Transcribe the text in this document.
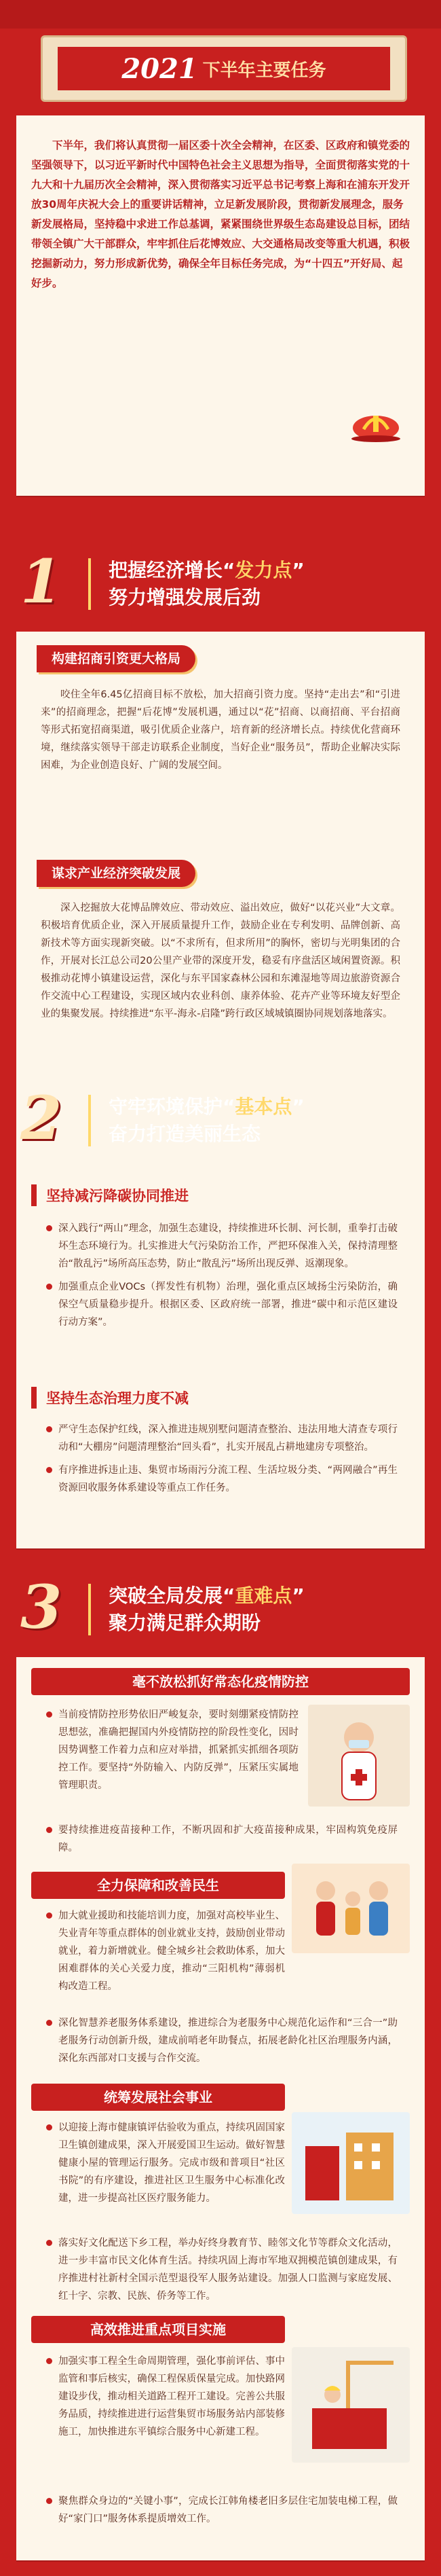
2021 下半年主要任务
下半年，我们将认真贯彻一届区委十次全会精神，在区委、区政府和镇党委的坚强领导下，以习近平新时代中国特色社会主义思想为指导，全面贯彻落实党的十九大和十九届历次全会精神，深入贯彻落实习近平总书记考察上海和在浦东开发开放30周年庆祝大会上的重要讲话精神，立足新发展阶段，贯彻新发展理念，服务新发展格局，坚持稳中求进工作总基调，紧紧围绕世界级生态岛建设总目标，团结带领全镇广大干部群众，牢牢抓住后花博效应、大交通格局改变等重大机遇，积极挖掘新动力，努力形成新优势，确保全年目标任务完成，为“十四五”开好局、起好步。
1	把握经济增长“发力点”
努力增强发展后劲
构建招商引资更大格局
咬住全年6.45亿招商目标不放松，加大招商引资力度。坚持“走出去”和“引进来”的招商理念，把握“后花博”发展机遇，通过以“花”招商、以商招商、平台招商等形式拓宽招商渠道，吸引优质企业落户，培育新的经济增长点。持续优化营商环境，继续落实领导干部走访联系企业制度，当好企业“服务员”，帮助企业解决实际困难，为企业创造良好、广阔的发展空间。
谋求产业经济突破发展
深入挖掘放大花博品牌效应、带动效应、溢出效应，做好“以花兴业”大文章。积极培育优质企业，深入开展质量提升工作，鼓励企业在专利发明、品牌创新、高新技术等方面实现新突破。以“不求所有，但求所用”的胸怀，密切与光明集团的合作，开展对长江总公司20公里产业带的深度开发，稳妥有序盘活区域闲置资源。积极推动花博小镇建设运营，深化与东平国家森林公园和东滩湿地等周边旅游资源合作交流中心工程建设，实现区域内农业科创、康养体验、花卉产业等环境友好型企业的集聚发展。持续推进“东平-海永-启隆”跨行政区域城镇圈协同规划落地落实。
2	守牢环境保护“基本点”
奋力打造美丽生态
坚持减污降碳协同推进

深入践行“两山”理念，加强生态建设，持续推进环长制、河长制，重拳打击破坏生态环境行为。扎实推进大气污染防治工作，严把环保准入关，保持清理整治“散乱污”场所高压态势，防止“散乱污”场所出现反弹、返潮现象。

加强重点企业VOCs（挥发性有机物）治理，强化重点区域扬尘污染防治，确保空气质量稳步提升。根据区委、区政府统一部署，推进“碳中和示范区建设行动方案”。

坚持生态治理力度不减

严守生态保护红线，深入推进违规别墅问题清查整治、违法用地大清查专项行动和“大棚房”问题清理整治“回头看”，扎实开展乱占耕地建房专项整治。

有序推进拆违止违、集贸市场雨污分流工程、生活垃圾分类、“两网融合”再生资源回收服务体系建设等重点工作任务。

3	突破全局发展“重难点”
聚力满足群众期盼
毫不放松抓好常态化疫情防控

当前疫情防控形势依旧严峻复杂，要时刻绷紧疫情防控思想弦，准确把握国内外疫情防控的阶段性变化，因时因势调整工作着力点和应对举措，抓紧抓实抓细各项防控工作。要坚持“外防输入、内防反弹”，压紧压实属地管理职责。

要持续推进疫苗接种工作，不断巩固和扩大疫苗接种成果，牢固构筑免疫屏障。

全力保障和改善民生

加大就业援助和技能培训力度，加强对高校毕业生、失业青年等重点群体的创业就业支持，鼓励创业带动就业，着力新增就业。健全城乡社会救助体系，加大困难群体的关心关爱力度，推动“三阳机构”薄弱机构改造工程。

深化智慧养老服务体系建设，推进综合为老服务中心规范化运作和“三合一”助老服务行动创新升级，建成前哨老年助餐点，拓展老龄化社区治理服务内涵，深化东西部对口支援与合作交流。

统筹发展社会事业

以迎接上海市健康镇评估验收为重点，持续巩固国家卫生镇创建成果，深入开展爱国卫生运动。做好智慧健康小屋的管理运行服务。完成市级和普项目“社区书院”的有序建设，推进社区卫生服务中心标准化改建，进一步提高社区医疗服务能力。

落实好文化配送下乡工程，举办好终身教育节、睦邻文化节等群众文化活动，进一步丰富市民文化体育生活。持续巩固上海市军地双拥模范镇创建成果，有序推进村社新村全国示范型退役军人服务站建设。加强人口监测与家庭发展、红十字、宗教、民族、侨务等工作。

高效推进重点项目实施

加强实事工程全生命周期管理，强化事前评估、事中监管和事后核实，确保工程保质保量完成。加快路网建设步伐，推动相关道路工程开工建设。完善公共服务品质，持续推进进行运营集贸市场服务站内部装修施工，加快推进东平镇综合服务中心新建工程。

聚焦群众身边的“关键小事”，完成长江韩角楼老旧多层住宅加装电梯工程，做好“家门口”服务体系提质增效工作。
